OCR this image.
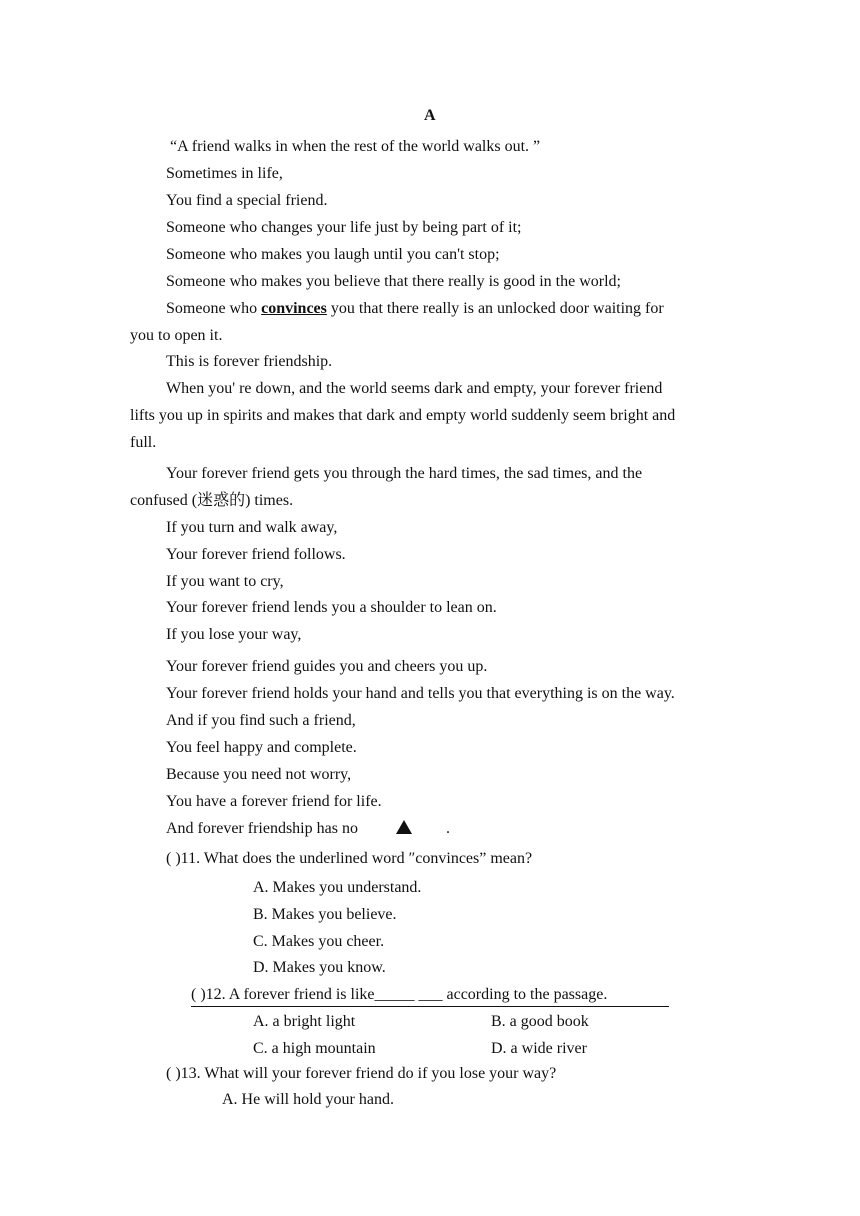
A
“A friend walks in when the rest of the world walks out. ”
Sometimes in life,
You find a special friend.
Someone who changes your life just by being part of it;
Someone who makes you laugh until you can't stop;
Someone who makes you believe that there really is good in the world;
Someone who convinces you that there really is an unlocked door waiting for
you to open it.
This is forever friendship.
When you' re down, and the world seems dark and empty, your forever friend
lifts you up in spirits and makes that dark and empty world suddenly seem bright and
full.
Your forever friend gets you through the hard times, the sad times, and the
confused (迷惑的) times.
If you turn and walk away,
Your forever friend follows.
If you want to cry,
Your forever friend lends you a shoulder to lean on.
If you lose your way,
Your forever friend guides you and cheers you up.
Your forever friend holds your hand and tells you that everything is on the way.
And if you find such a friend,
You feel happy and complete.
Because you need not worry,
You have a forever friend for life.
And forever friendship has no	.
( )11. What does the underlined word ″convinces” mean?
A. Makes you understand.
B. Makes you believe.
C. Makes you cheer.
D. Makes you know.
( )12. A forever friend is like_____ ___ according to the passage.
A. a bright light	B. a good book
C. a high mountain	D. a wide river
( )13. What will your forever friend do if you lose your way?
A. He will hold your hand.
